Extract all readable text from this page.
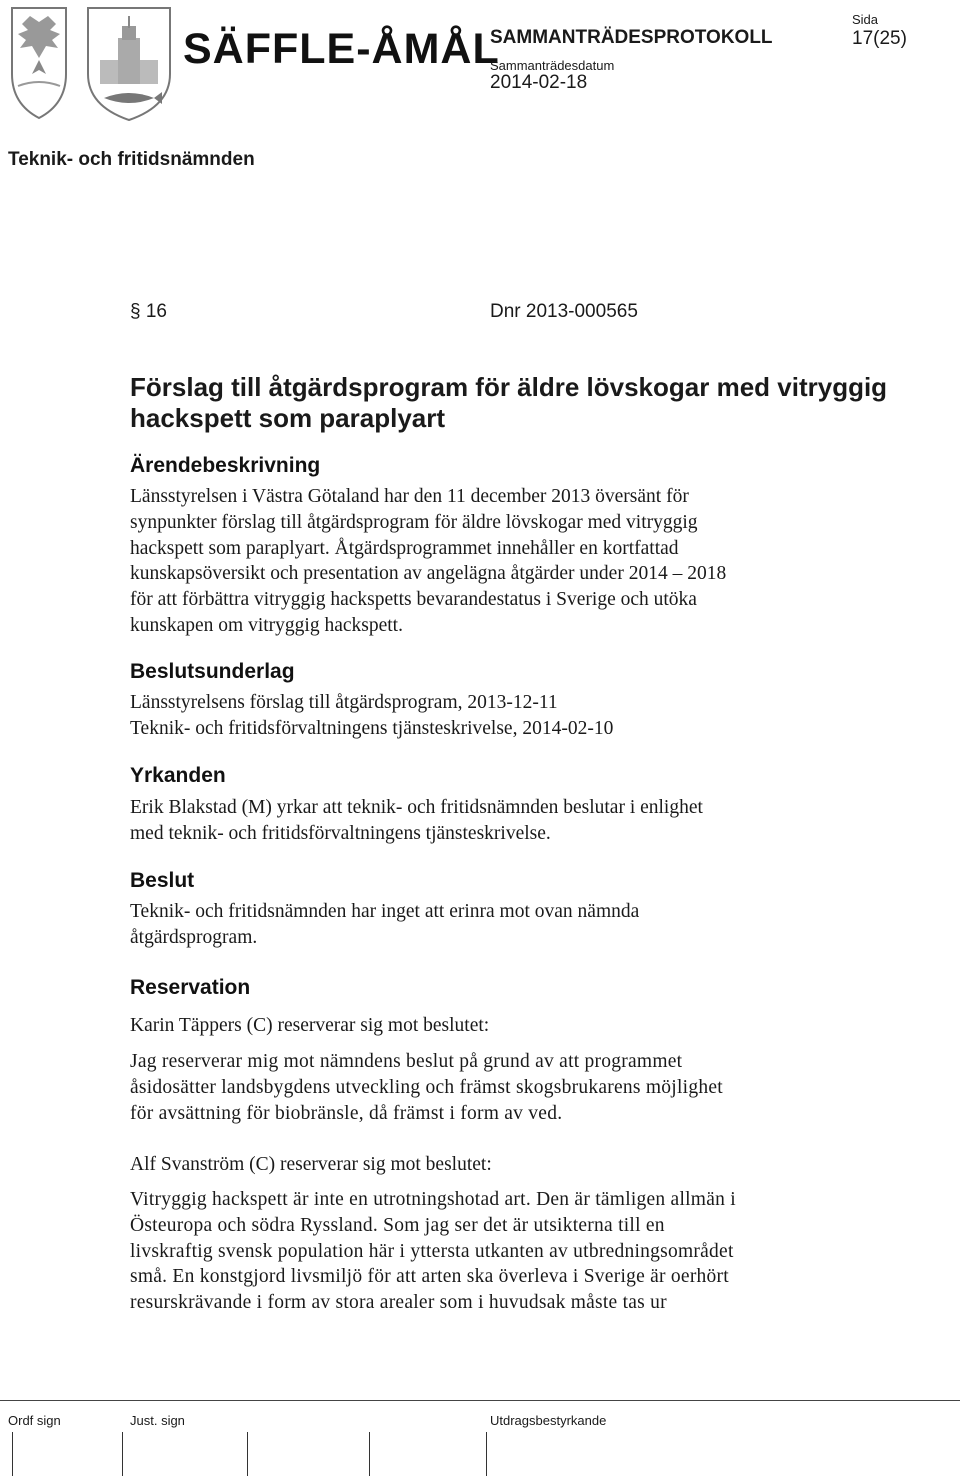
SÄFFLE-ÅMÅL
SAMMANTRÄDESPROTOKOLL
Sammanträdesdatum
2014-02-18
Sida
17(25)
Teknik- och fritidsnämnden
§ 16	Dnr 2013-000565
Förslag till åtgärdsprogram för äldre lövskogar med vitryggig hackspett som paraplyart
Ärendebeskrivning
Länsstyrelsen i Västra Götaland har den 11 december 2013 översänt för
synpunkter förslag till åtgärdsprogram för äldre lövskogar med vitryggig
hackspett som paraplyart. Åtgärdsprogrammet innehåller en kortfattad
kunskapsöversikt och presentation av angelägna åtgärder under 2014 – 2018
för att förbättra vitryggig hackspetts bevarandestatus i Sverige och utöka
kunskapen om vitryggig hackspett.
Beslutsunderlag
Länsstyrelsens förslag till åtgärdsprogram, 2013-12-11
Teknik- och fritidsförvaltningens tjänsteskrivelse, 2014-02-10
Yrkanden
Erik Blakstad (M) yrkar att teknik- och fritidsnämnden beslutar i enlighet
med teknik- och fritidsförvaltningens tjänsteskrivelse.
Beslut
Teknik- och fritidsnämnden har inget att erinra mot ovan nämnda
åtgärdsprogram.
Reservation
Karin Täppers (C) reserverar sig mot beslutet:
Jag reserverar mig mot nämndens beslut på grund av att programmet
åsidosätter landsbygdens utveckling och främst skogsbrukarens möjlighet
för avsättning för biobränsle, då främst i form av ved.
Alf Svanström (C) reserverar sig mot beslutet:
Vitryggig hackspett är inte en utrotningshotad art. Den är tämligen allmän i
Östeuropa och södra Ryssland. Som jag ser det är utsikterna till en
livskraftig svensk population här i yttersta utkanten av utbredningsområdet
små. En konstgjord livsmiljö för att arten ska överleva i Sverige är oerhört
resurskrävande i form av stora arealer som i huvudsak måste tas ur
Ordf sign	Just. sign	Utdragsbestyrkande
